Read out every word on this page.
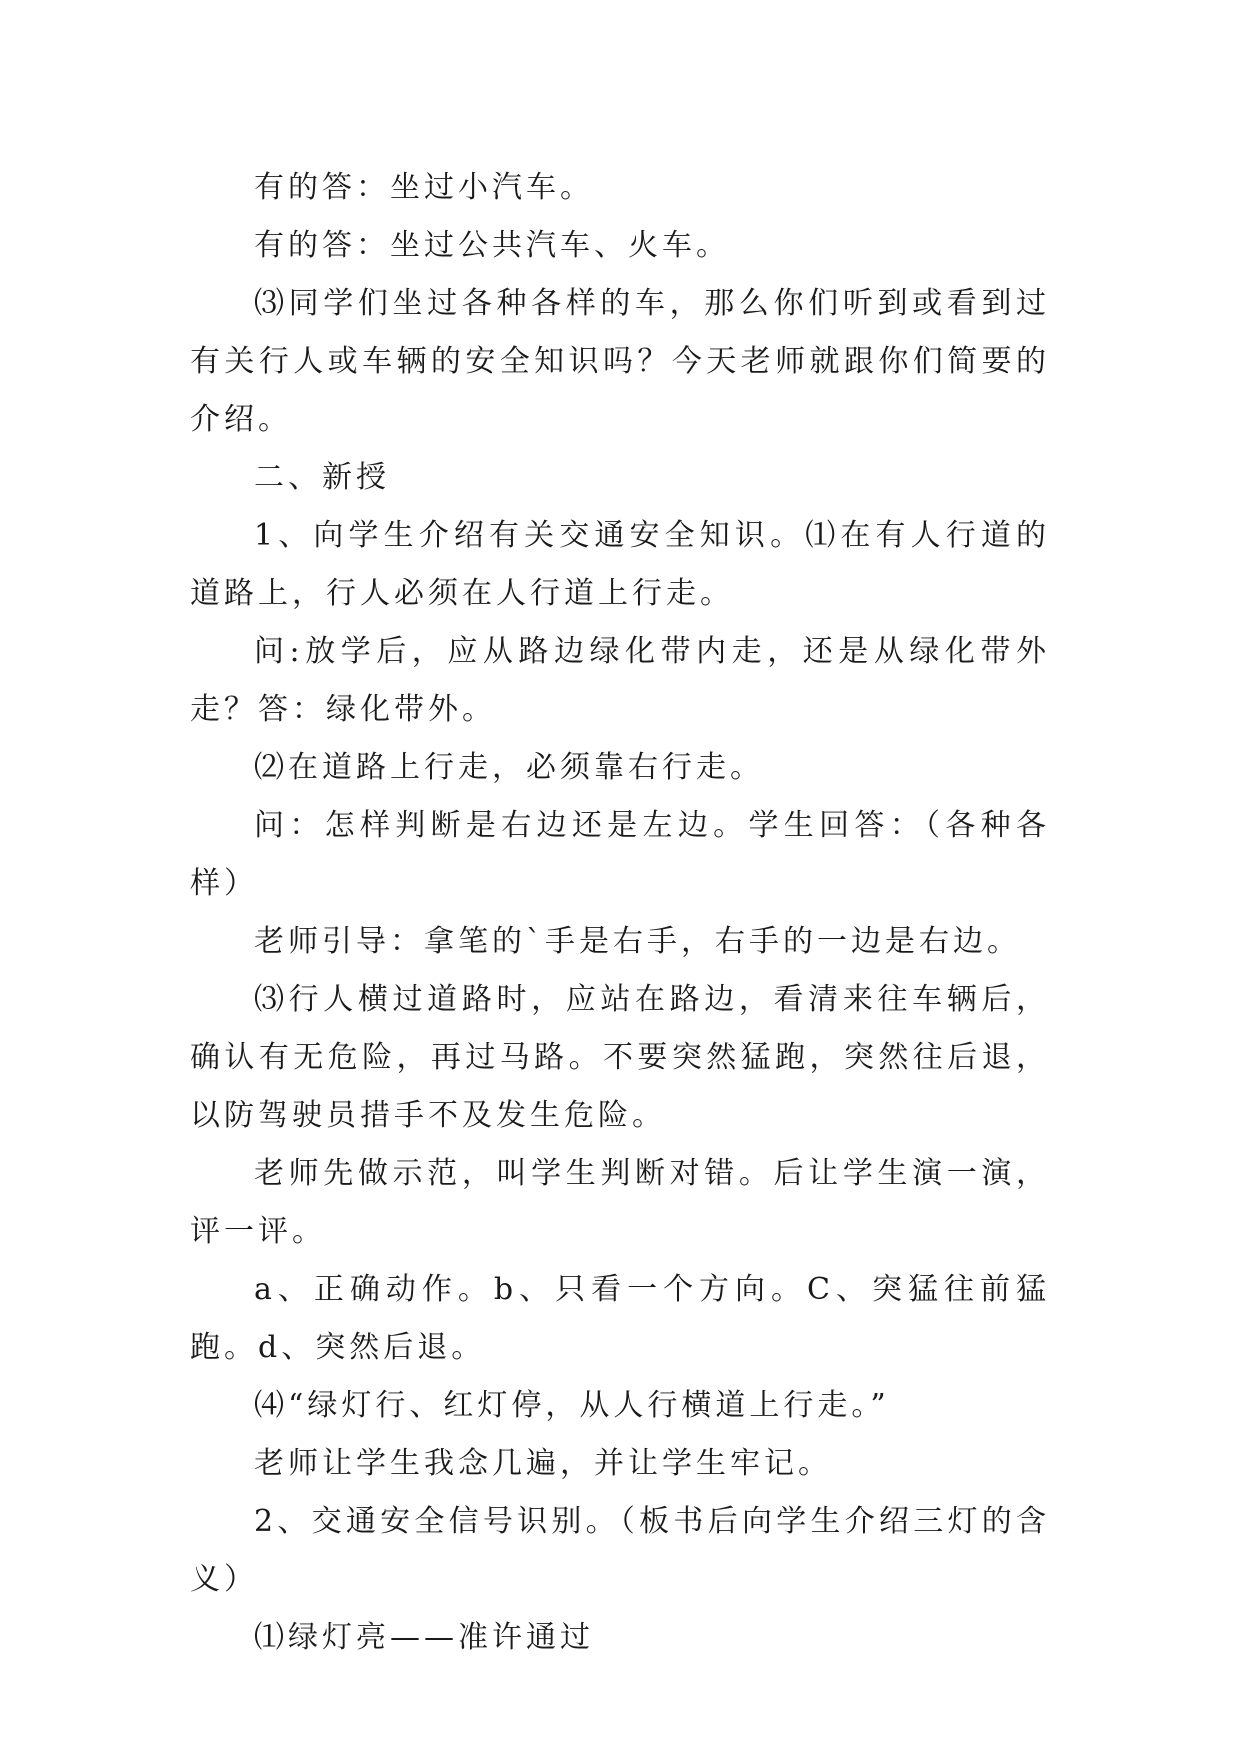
有的答：坐过小汽车。

有的答：坐过公共汽车、火车。

⑶同学们坐过各种各样的车，那么你们听到或看到过有关行人或车辆的安全知识吗？今天老师就跟你们简要的介绍。

二、新授

1、向学生介绍有关交通安全知识。⑴在有人行道的道路上，行人必须在人行道上行走。

问:放学后，应从路边绿化带内走，还是从绿化带外走？答：绿化带外。

⑵在道路上行走，必须靠右行走。

问：怎样判断是右边还是左边。学生回答：（各种各样）

老师引导：拿笔的`手是右手，右手的一边是右边。

⑶行人横过道路时，应站在路边，看清来往车辆后，确认有无危险，再过马路。不要突然猛跑，突然往后退，以防驾驶员措手不及发生危险。

老师先做示范，叫学生判断对错。后让学生演一演，评一评。

a、正确动作。b、只看一个方向。C、突猛往前猛跑。d、突然后退。

⑷“绿灯行、红灯停，从人行横道上行走。”

老师让学生我念几遍，并让学生牢记。

2、交通安全信号识别。（板书后向学生介绍三灯的含义）

⑴绿灯亮——准许通过
